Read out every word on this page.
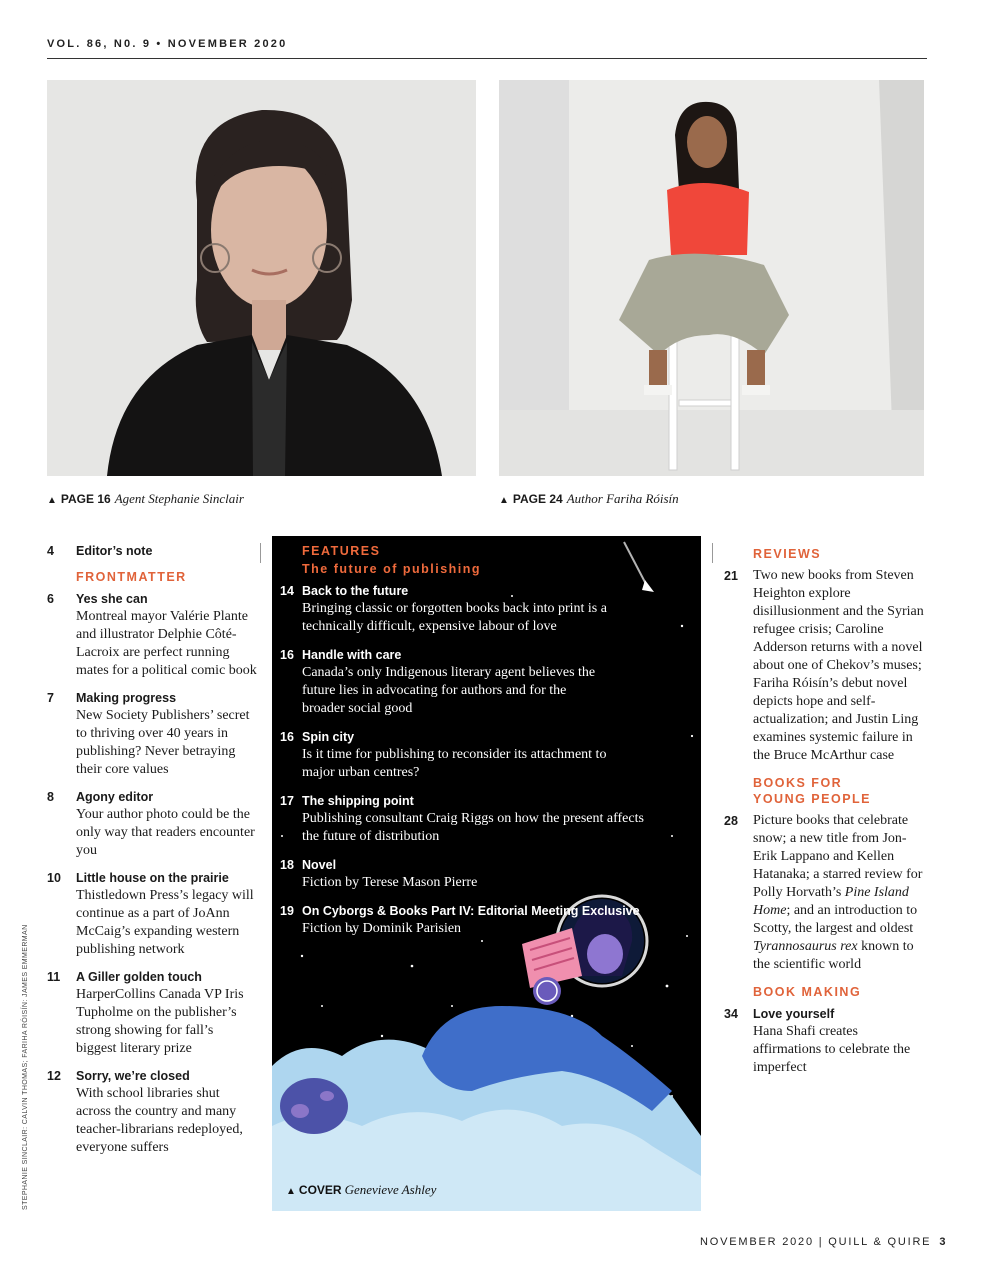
VOL. 86, N0. 9 • NOVEMBER 2020
▲ PAGE 16 Agent Stephanie Sinclair	▲ PAGE 24 Author Fariha Róisín
4 Editor’s note
FRONTMATTER
6 Yes she can
Montreal mayor Valérie Plante and illustrator Delphie Côté-Lacroix are perfect running mates for a political comic book
7 Making progress
New Society Publishers’ secret to thriving over 40 years in publishing? Never betraying their core values
8 Agony editor
Your author photo could be the only way that readers encounter you
10 Little house on the prairie
Thistledown Press’s legacy will continue as a part of JoAnn McCaig’s expanding western publishing network
11 A Giller golden touch
HarperCollins Canada VP Iris Tupholme on the publisher’s strong showing for fall’s biggest literary prize
12 Sorry, we’re closed
With school libraries shut across the country and many teacher-librarians redeployed, everyone suffers
FEATURES
The future of publishing
14 Back to the future
Bringing classic or forgotten books back into print is a technically difficult, expensive labour of love
16 Handle with care
Canada’s only Indigenous literary agent believes the future lies in advocating for authors and for the broader social good
16 Spin city
Is it time for publishing to reconsider its attachment to major urban centres?
17 The shipping point
Publishing consultant Craig Riggs on how the present affects the future of distribution
18 Novel
Fiction by Terese Mason Pierre
19 On Cyborgs & Books Part IV: Editorial Meeting Exclusive
Fiction by Dominik Parisien
▲ COVER Genevieve Ashley
REVIEWS
21 Two new books from Steven Heighton explore disillusionment and the Syrian refugee crisis; Caroline Adderson returns with a novel about one of Chekov’s muses; Fariha Róisín’s debut novel depicts hope and self-actualization; and Justin Ling examines systemic failure in the Bruce McArthur case
BOOKS FOR
YOUNG PEOPLE
28 Picture books that celebrate snow; a new title from Jon-Erik Lappano and Kellen Hatanaka; a starred review for Polly Horvath’s Pine Island Home; and an introduction to Scotty, the largest and oldest Tyrannosaurus rex known to the scientific world
BOOK MAKING
34 Love yourself
Hana Shafi creates affirmations to celebrate the imperfect
STEPHANIE SINCLAIR: CALVIN THOMAS; FARIHA RÓISÍN: JAMES EMMERMAN
NOVEMBER 2020 | QUILL & QUIRE 3
